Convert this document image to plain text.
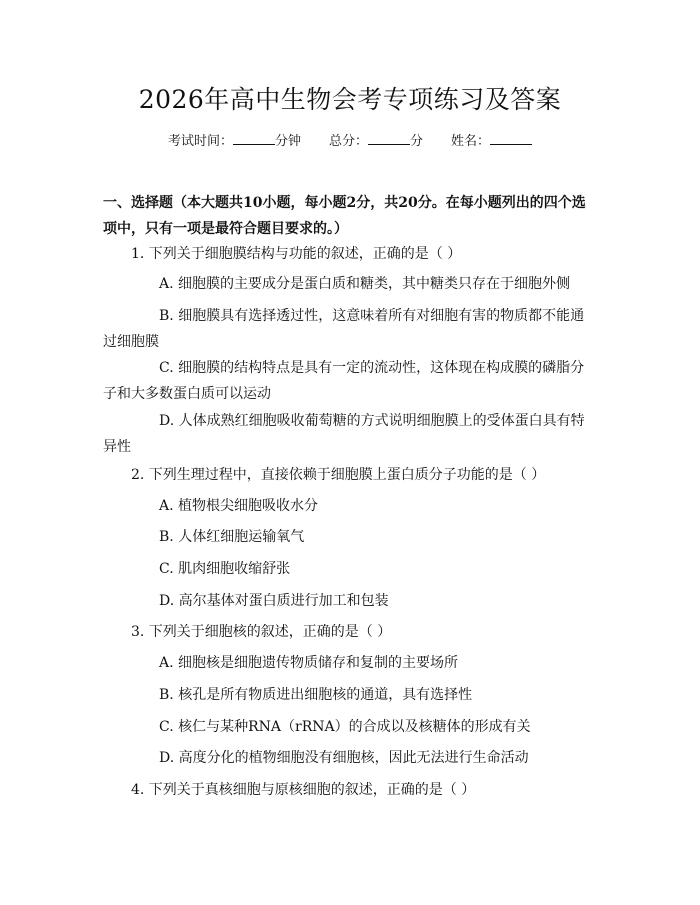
2026年高中生物会考专项练习及答案
考试时间：	分钟 总分：	分 姓名：
一、选择题（本大题共10小题，每小题2分，共20分。在每小题列出的四个选项中，只有一项是最符合题目要求的。）
1. 下列关于细胞膜结构与功能的叙述，正确的是（ ）
A. 细胞膜的主要成分是蛋白质和糖类，其中糖类只存在于细胞外侧
B. 细胞膜具有选择透过性，这意味着所有对细胞有害的物质都不能通过细胞膜
C. 细胞膜的结构特点是具有一定的流动性，这体现在构成膜的磷脂分子和大多数蛋白质可以运动
D. 人体成熟红细胞吸收葡萄糖的方式说明细胞膜上的受体蛋白具有特异性
2. 下列生理过程中，直接依赖于细胞膜上蛋白质分子功能的是（ ）
A. 植物根尖细胞吸收水分
B. 人体红细胞运输氧气
C. 肌肉细胞收缩舒张
D. 高尔基体对蛋白质进行加工和包装
3. 下列关于细胞核的叙述，正确的是（ ）
A. 细胞核是细胞遗传物质储存和复制的主要场所
B. 核孔是所有物质进出细胞核的通道，具有选择性
C. 核仁与某种RNA（rRNA）的合成以及核糖体的形成有关
D. 高度分化的植物细胞没有细胞核，因此无法进行生命活动
4. 下列关于真核细胞与原核细胞的叙述，正确的是（ ）
